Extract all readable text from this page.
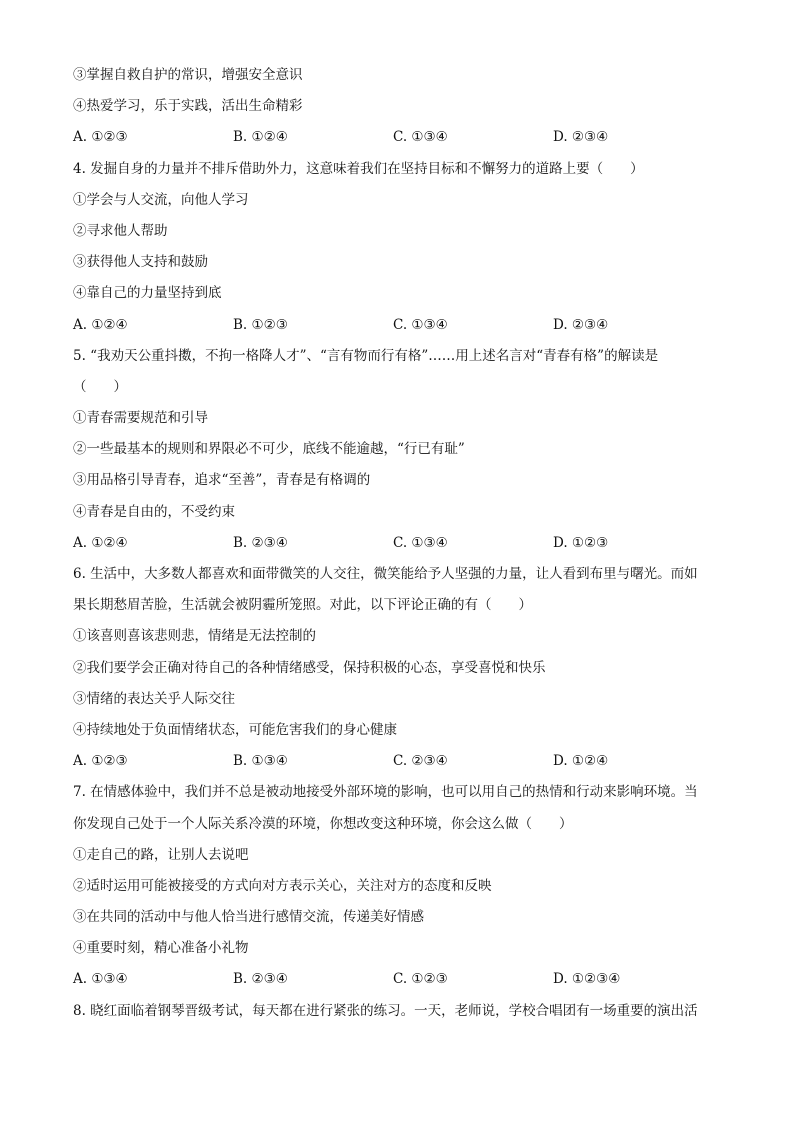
③掌握自救自护的常识，增强安全意识
④热爱学习，乐于实践，活出生命精彩
A. ①②③	B. ①②④	C. ①③④	D. ②③④
4. 发掘自身的力量并不排斥借助外力，这意味着我们在坚持目标和不懈努力的道路上要（　　）
①学会与人交流，向他人学习
②寻求他人帮助
③获得他人支持和鼓励
④靠自己的力量坚持到底
A. ①②④	B. ①②③	C. ①③④	D. ②③④
5. “我劝天公重抖擞，不拘一格降人才”、“言有物而行有格”……用上述名言对“青春有格”的解读是
（　　）
①青春需要规范和引导
②一些最基本的规则和界限必不可少，底线不能逾越，“行已有耻”
③用品格引导青春，追求“至善”，青春是有格调的
④青春是自由的，不受约束
A. ①②④	B. ②③④	C. ①③④	D. ①②③
6. 生活中，大多数人都喜欢和面带微笑的人交往，微笑能给予人坚强的力量，让人看到布里与曙光。而如
果长期愁眉苦脸，生活就会被阴霾所笼照。对此，以下评论正确的有（　　）
①该喜则喜该悲则悲，情绪是无法控制的
②我们要学会正确对待自己的各种情绪感受，保持积极的心态，享受喜悦和快乐
③情绪的表达关乎人际交往
④持续地处于负面情绪状态，可能危害我们的身心健康
A. ①②③	B. ①③④	C. ②③④	D. ①②④
7. 在情感体验中，我们并不总是被动地接受外部环境的影响，也可以用自己的热情和行动来影响环境。当
你发现自己处于一个人际关系冷漠的环境，你想改变这种环境，你会这么做（　　）
①走自己的路，让别人去说吧
②适时运用可能被接受的方式向对方表示关心，关注对方的态度和反映
③在共同的活动中与他人恰当进行感情交流，传递美好情感
④重要时刻，精心准备小礼物
A. ①③④	B. ②③④	C. ①②③	D. ①②③④
8. 晓红面临着钢琴晋级考试，每天都在进行紧张的练习。一天，老师说，学校合唱团有一场重要的演出活
